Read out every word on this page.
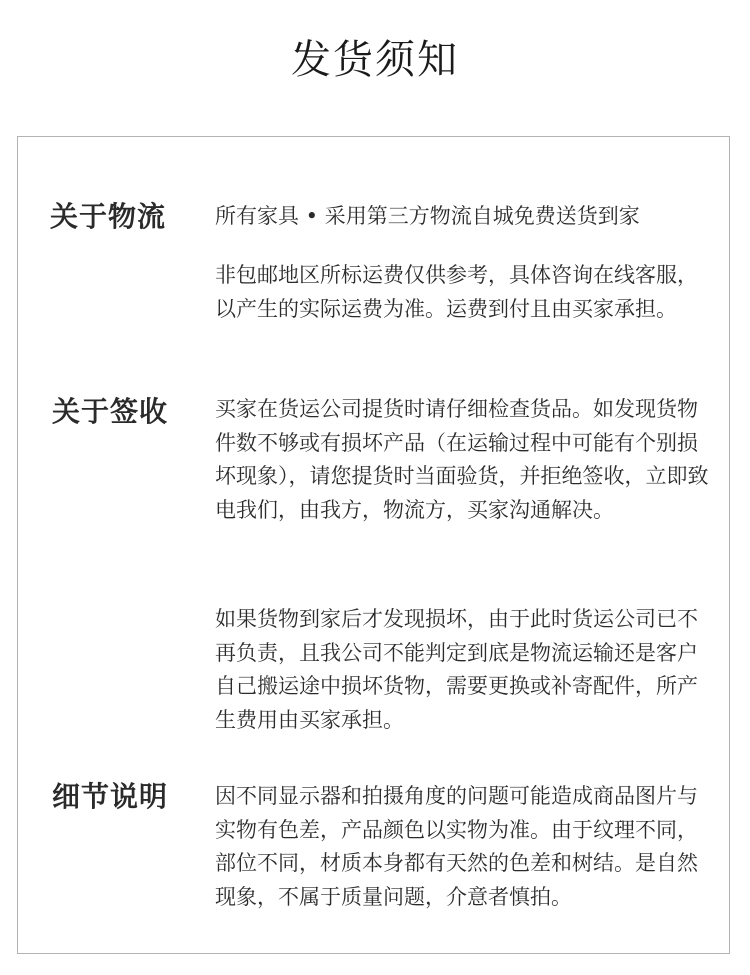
发货须知
关于物流 所有家具 • 采用第三方物流自城免费送货到家

非包邮地区所标运费仅供参考，具体咨询在线客服，以产生的实际运费为准。运费到付且由买家承担。

关于签收 买家在货运公司提货时请仔细检查货品。如发现货物件数不够或有损坏产品（在运输过程中可能有个别损坏现象），请您提货时当面验货，并拒绝签收，立即致电我们，由我方，物流方，买家沟通解决。

如果货物到家后才发现损坏，由于此时货运公司已不再负责，且我公司不能判定到底是物流运输还是客户自己搬运途中损坏货物，需要更换或补寄配件，所产生费用由买家承担。

细节说明 因不同显示器和拍摄角度的问题可能造成商品图片与实物有色差，产品颜色以实物为准。由于纹理不同，部位不同，材质本身都有天然的色差和树结。是自然现象，不属于质量问题，介意者慎拍。
